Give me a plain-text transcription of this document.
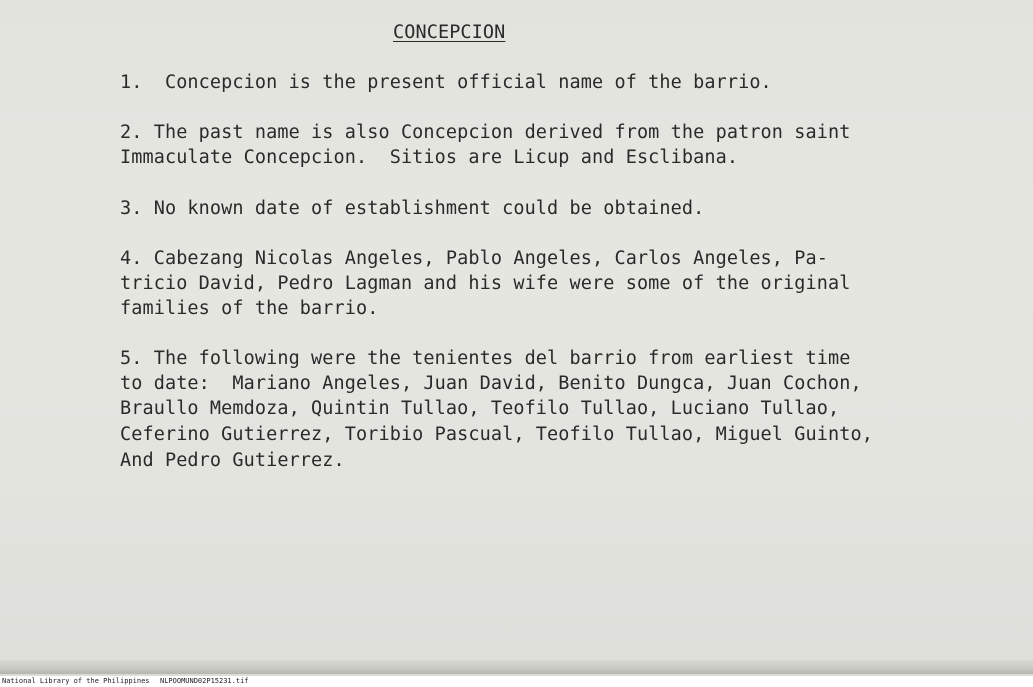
CONCEPCION
1.  Concepcion is the present official name of the barrio.
2. The past name is also Concepcion derived from the patron saint
Immaculate Concepcion.  Sitios are Licup and Esclibana.
3. No known date of establishment could be obtained.
4. Cabezang Nicolas Angeles, Pablo Angeles, Carlos Angeles, Pa-
tricio David, Pedro Lagman and his wife were some of the original
families of the barrio.
5. The following were the tenientes del barrio from earliest time
to date:  Mariano Angeles, Juan David, Benito Dungca, Juan Cochon,
Braullo Memdoza, Quintin Tullao, Teofilo Tullao, Luciano Tullao,
Ceferino Gutierrez, Toribio Pascual, Teofilo Tullao, Miguel Guinto,
And Pedro Gutierrez.
National Library of the Philippines NLPOOMUND02P15231.tif
